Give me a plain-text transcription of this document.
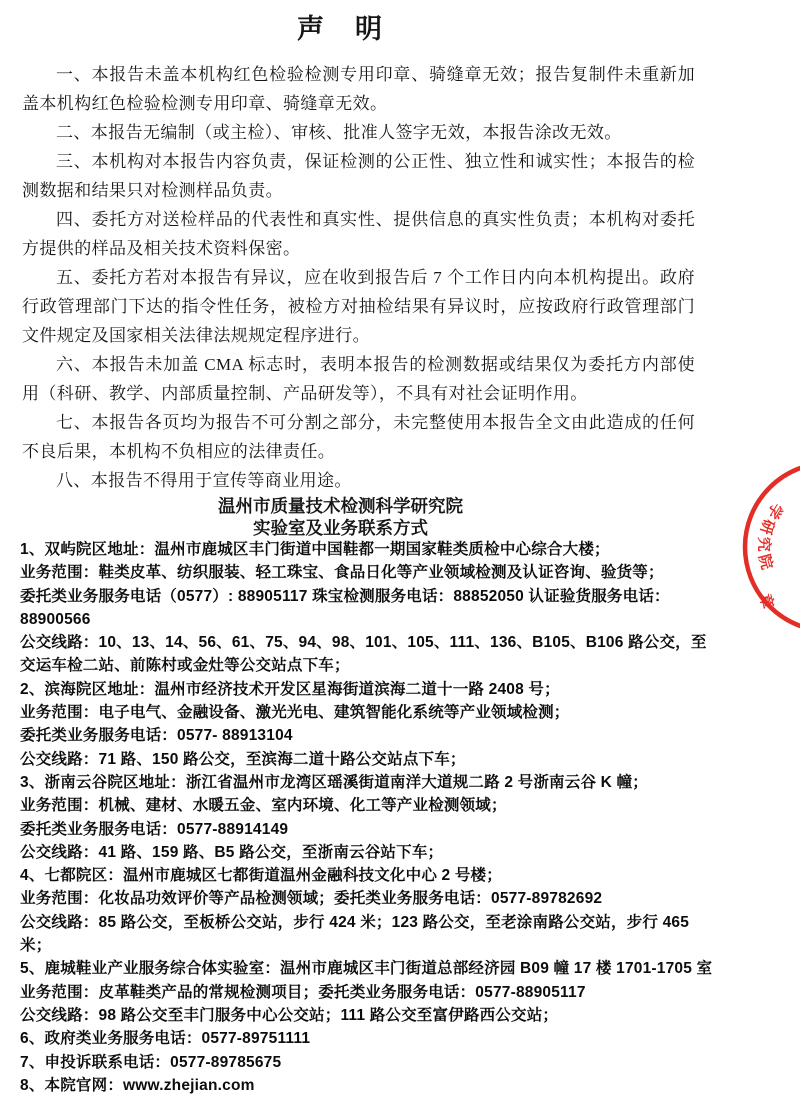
声　明

一、本报告未盖本机构红色检验检测专用印章、骑缝章无效；报告复制件未重新加盖本机构红色检验检测专用印章、骑缝章无效。

二、本报告无编制（或主检）、审核、批准人签字无效，本报告涂改无效。

三、本机构对本报告内容负责，保证检测的公正性、独立性和诚实性；本报告的检测数据和结果只对检测样品负责。

四、委托方对送检样品的代表性和真实性、提供信息的真实性负责；本机构对委托方提供的样品及相关技术资料保密。

五、委托方若对本报告有异议，应在收到报告后 7 个工作日内向本机构提出。政府行政管理部门下达的指令性任务，被检方对抽检结果有异议时，应按政府行政管理部门文件规定及国家相关法律法规规定程序进行。

六、本报告未加盖 CMA 标志时，表明本报告的检测数据或结果仅为委托方内部使用（科研、教学、内部质量控制、产品研发等），不具有对社会证明作用。

七、本报告各页均为报告不可分割之部分，未完整使用本报告全文由此造成的任何不良后果，本机构不负相应的法律责任。

八、本报告不得用于宣传等商业用途。

温州市质量技术检测科学研究院
实验室及业务联系方式
1、双屿院区地址：温州市鹿城区丰门街道中国鞋都一期国家鞋类质检中心综合大楼；
业务范围：鞋类皮革、纺织服装、轻工珠宝、食品日化等产业领域检测及认证咨询、验货等；
委托类业务服务电话（0577）: 88905117 珠宝检测服务电话：88852050 认证验货服务电话：88900566
公交线路：10、13、14、56、61、75、94、98、101、105、111、136、B105、B106 路公交，至交运车检二站、前陈村或金灶等公交站点下车；
2、滨海院区地址：温州市经济技术开发区星海街道滨海二道十一路 2408 号；
业务范围：电子电气、金融设备、激光光电、建筑智能化系统等产业领域检测；
委托类业务服务电话：0577- 88913104
公交线路：71 路、150 路公交，至滨海二道十路公交站点下车；
3、浙南云谷院区地址：浙江省温州市龙湾区瑶溪街道南洋大道规二路 2 号浙南云谷 K 幢；
业务范围：机械、建材、水暖五金、室内环境、化工等产业检测领域；
委托类业务服务电话：0577-88914149
公交线路：41 路、159 路、B5 路公交，至浙南云谷站下车；
4、七都院区：温州市鹿城区七都街道温州金融科技文化中心 2 号楼；
业务范围：化妆品功效评价等产品检测领域；委托类业务服务电话：0577-89782692
公交线路：85 路公交，至板桥公交站，步行 424 米；123 路公交，至老涂南路公交站，步行 465 米；
5、鹿城鞋业产业服务综合体实验室：温州市鹿城区丰门街道总部经济园 B09 幢 17 楼 1701-1705 室
业务范围：皮革鞋类产品的常规检测项目；委托类业务服务电话：0577-88905117
公交线路：98 路公交至丰门服务中心公交站；111 路公交至富伊路西公交站；
6、政府类业务服务电话：0577-89751111
7、申投诉联系电话：0577-89785675
8、本院官网：www.zhejian.com
学研究院
章
